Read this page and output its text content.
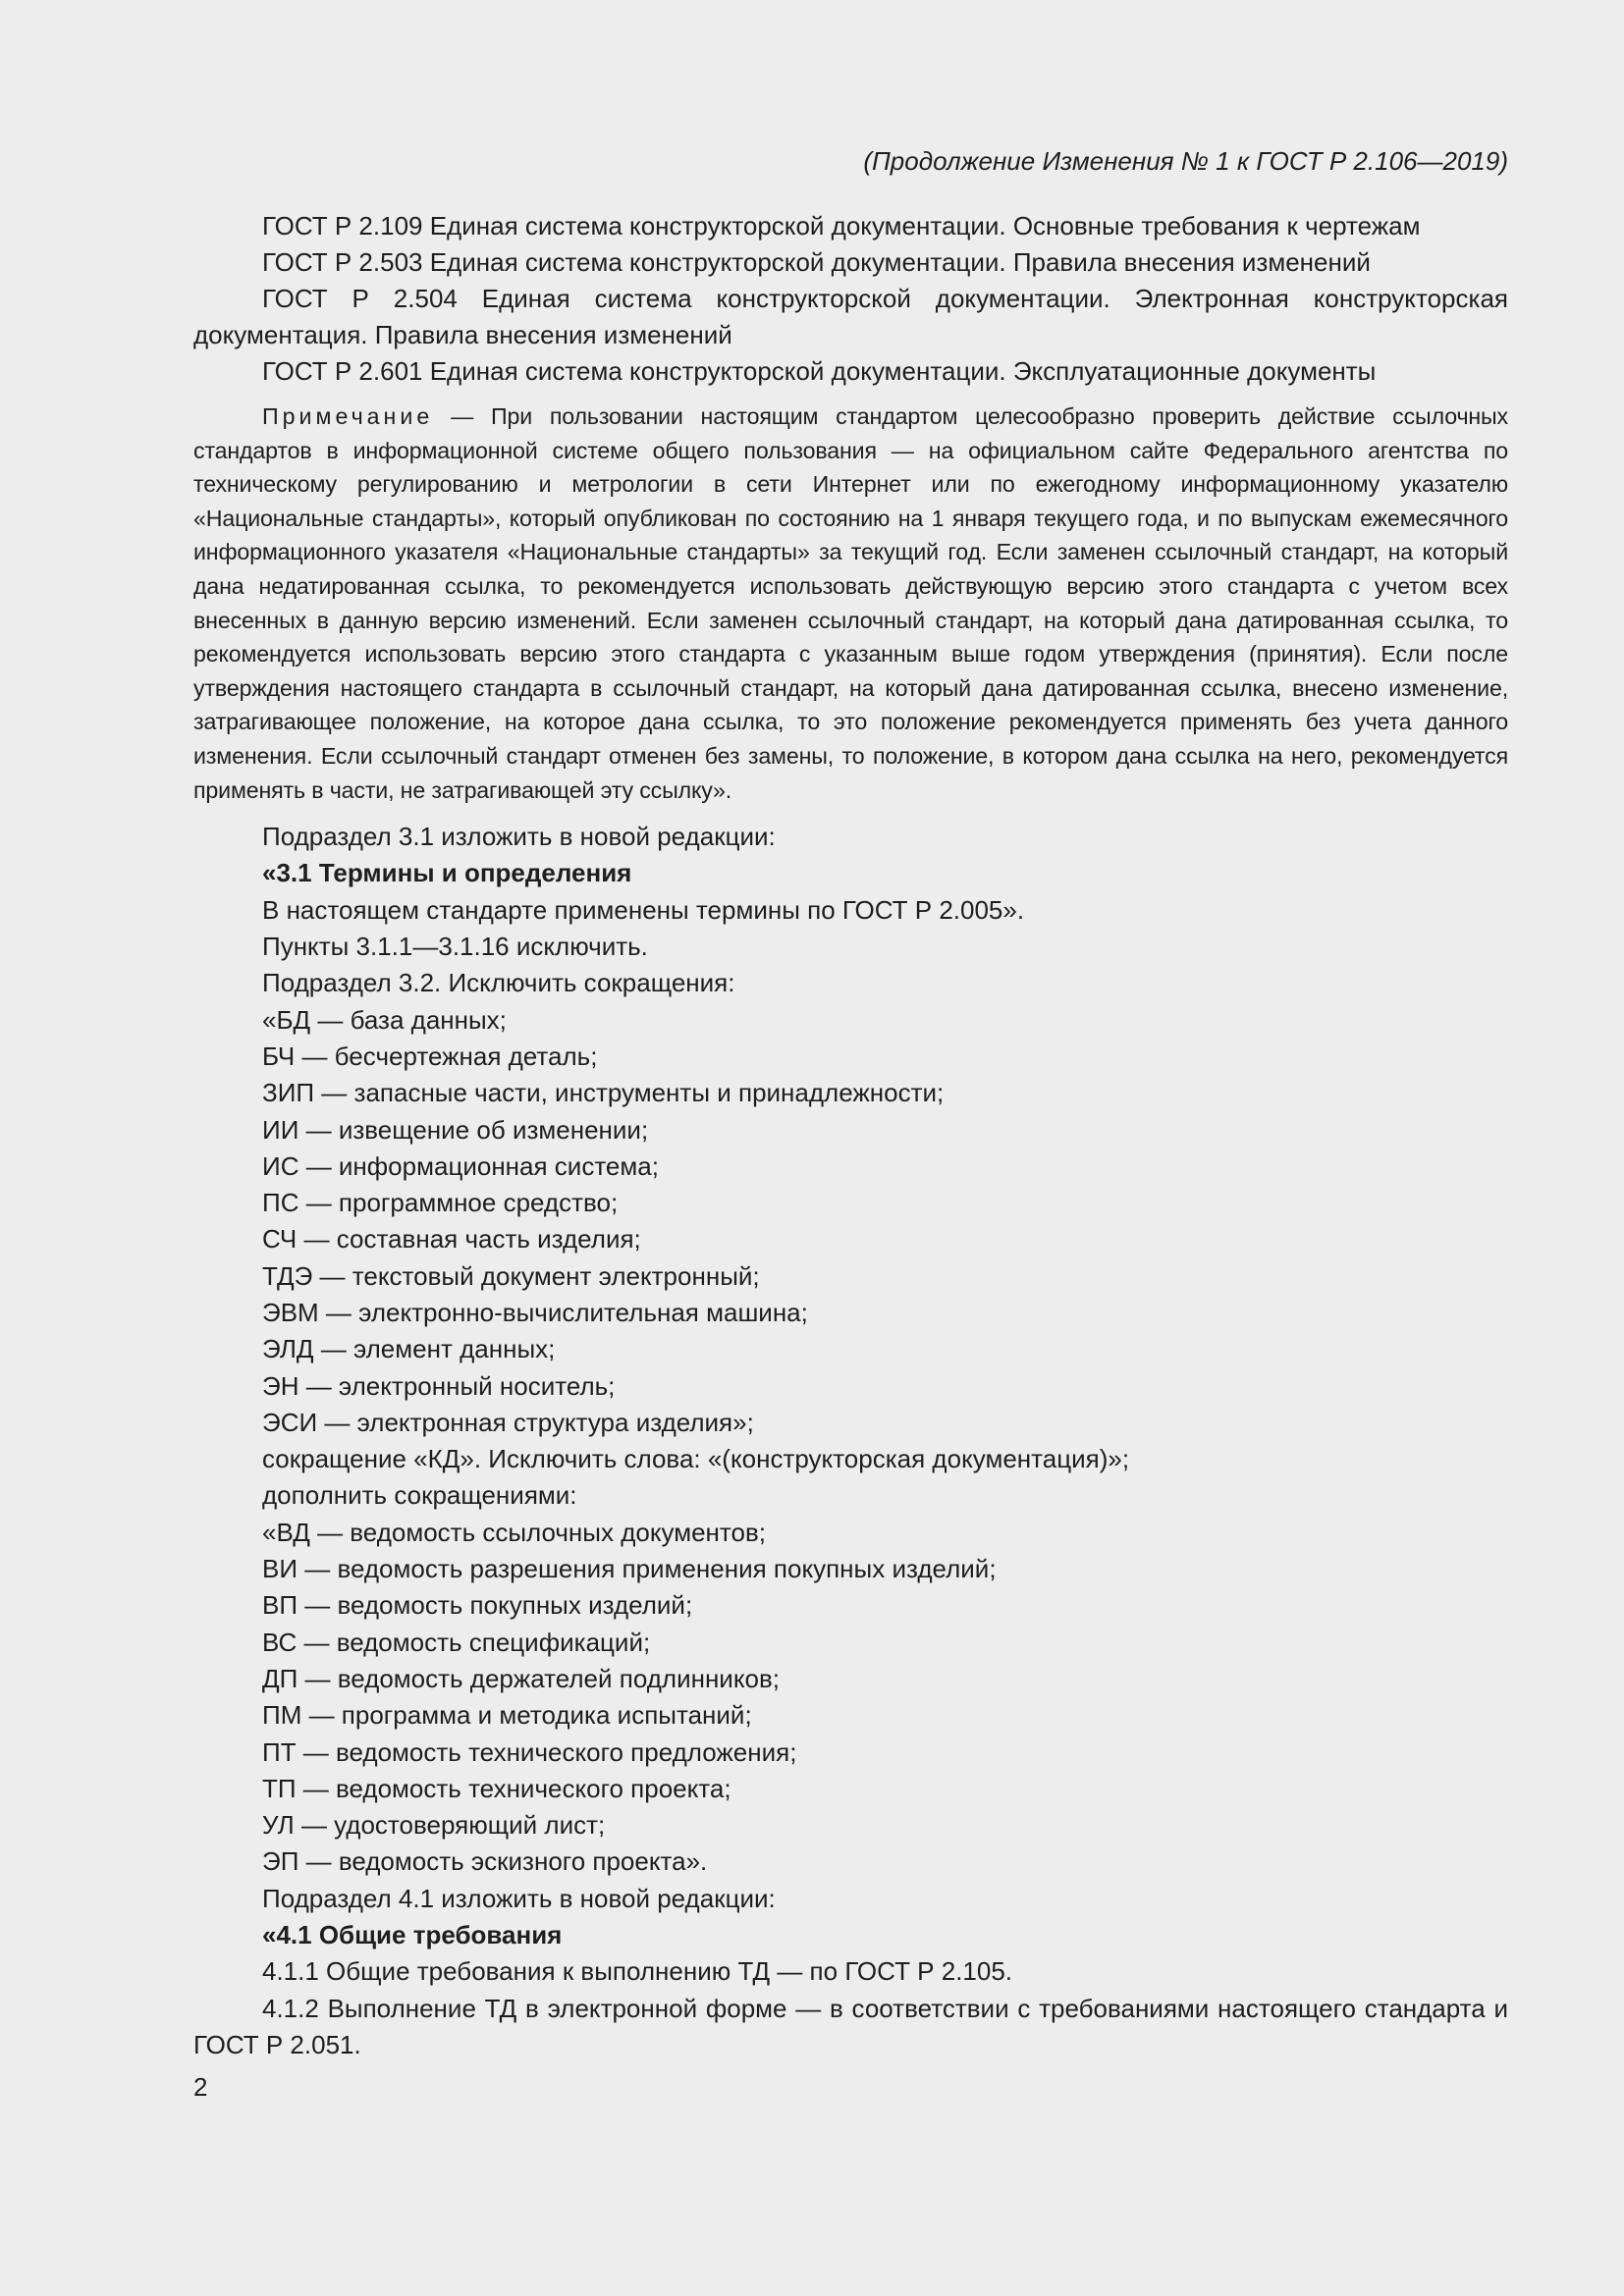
(Продолжение Изменения № 1 к ГОСТ Р 2.106—2019)

ГОСТ Р 2.109 Единая система конструкторской документации. Основные требования к чертежам

ГОСТ Р 2.503 Единая система конструкторской документации. Правила внесения изменений

ГОСТ Р 2.504 Единая система конструкторской документации. Электронная конструкторская документация. Правила внесения изменений

ГОСТ Р 2.601 Единая система конструкторской документации. Эксплуатационные документы

Примечание — При пользовании настоящим стандартом целесообразно проверить действие ссылочных стандартов в информационной системе общего пользования — на официальном сайте Федерального агентства по техническому регулированию и метрологии в сети Интернет или по ежегодному информационному указателю «Национальные стандарты», который опубликован по состоянию на 1 января текущего года, и по выпускам ежемесячного информационного указателя «Национальные стандарты» за текущий год. Если заменен ссылочный стандарт, на который дана недатированная ссылка, то рекомендуется использовать действующую версию этого стандарта с учетом всех внесенных в данную версию изменений. Если заменен ссылочный стандарт, на который дана датированная ссылка, то рекомендуется использовать версию этого стандарта с указанным выше годом утверждения (принятия). Если после утверждения настоящего стандарта в ссылочный стандарт, на который дана датированная ссылка, внесено изменение, затрагивающее положение, на которое дана ссылка, то это положение рекомендуется применять без учета данного изменения. Если ссылочный стандарт отменен без замены, то положение, в котором дана ссылка на него, рекомендуется применять в части, не затрагивающей эту ссылку».

Подраздел 3.1 изложить в новой редакции:

«3.1 Термины и определения

В настоящем стандарте применены термины по ГОСТ Р 2.005».

Пункты 3.1.1—3.1.16 исключить.

Подраздел 3.2. Исключить сокращения:

«БД — база данных;

БЧ — бесчертежная деталь;

ЗИП — запасные части, инструменты и принадлежности;

ИИ — извещение об изменении;

ИС — информационная система;

ПС — программное средство;

СЧ — составная часть изделия;

ТДЭ — текстовый документ электронный;

ЭВМ — электронно-вычислительная машина;

ЭЛД — элемент данных;

ЭН — электронный носитель;

ЭСИ — электронная структура изделия»;

сокращение «КД». Исключить слова: «(конструкторская документация)»;

дополнить сокращениями:

«ВД — ведомость ссылочных документов;

ВИ — ведомость разрешения применения покупных изделий;

ВП — ведомость покупных изделий;

ВС — ведомость спецификаций;

ДП — ведомость держателей подлинников;

ПМ — программа и методика испытаний;

ПТ — ведомость технического предложения;

ТП — ведомость технического проекта;

УЛ — удостоверяющий лист;

ЭП — ведомость эскизного проекта».

Подраздел 4.1 изложить в новой редакции:

«4.1 Общие требования

4.1.1 Общие требования к выполнению ТД — по ГОСТ Р 2.105.

4.1.2 Выполнение ТД в электронной форме — в соответствии с требованиями настоящего стандарта и ГОСТ Р 2.051.

2
